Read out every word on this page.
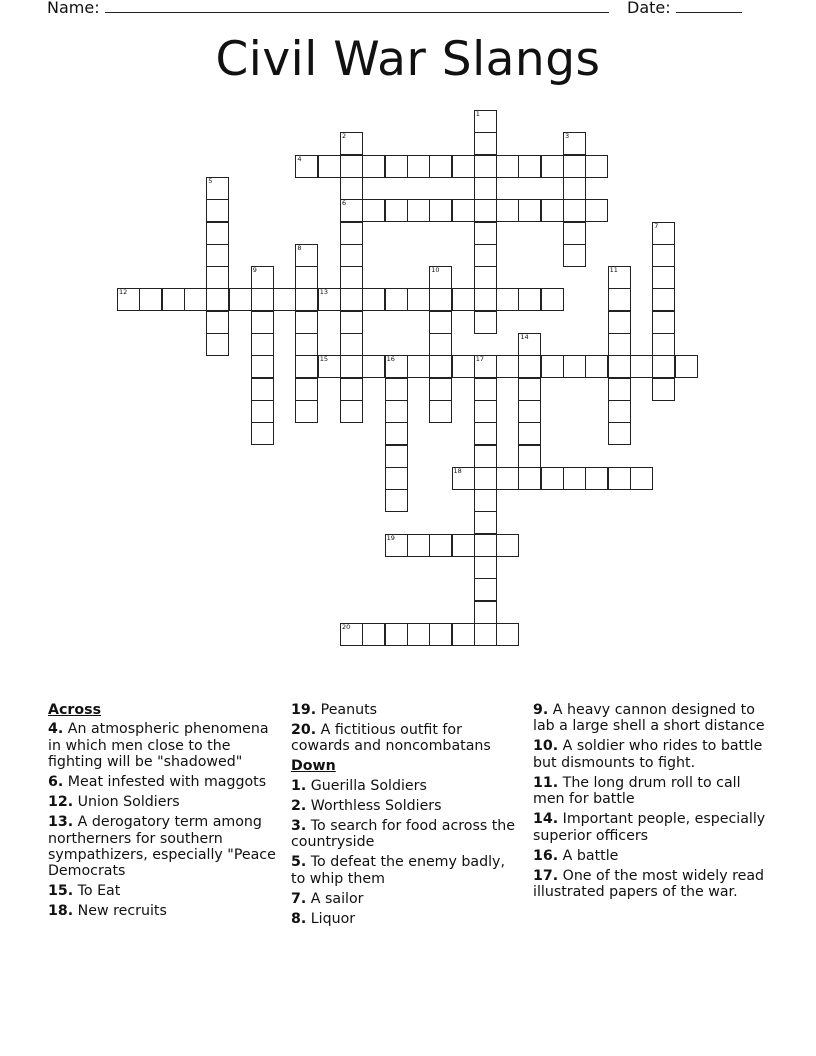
Name:	Date:
Civil War Slangs
1
2
6
3
4
5
7
8
9	10	11
12	13
14
15	16	17
18
19
20
Across
4. An atmospheric phenomena in which men close to the fighting will be "shadowed"
6. Meat infested with maggots
12. Union Soldiers
13. A derogatory term among northerners for southern sympathizers, especially "Peace Democrats
15. To Eat
18. New recruits
19. Peanuts
20. A fictitious outfit for cowards and noncombatans
Down
1. Guerilla Soldiers
2. Worthless Soldiers
3. To search for food across the countryside
5. To defeat the enemy badly, to whip them
7. A sailor
8. Liquor
9. A heavy cannon designed to lab a large shell a short distance
10. A soldier who rides to battle but dismounts to fight.
11. The long drum roll to call men for battle
14. Important people, especially superior officers
16. A battle
17. One of the most widely read illustrated papers of the war.
